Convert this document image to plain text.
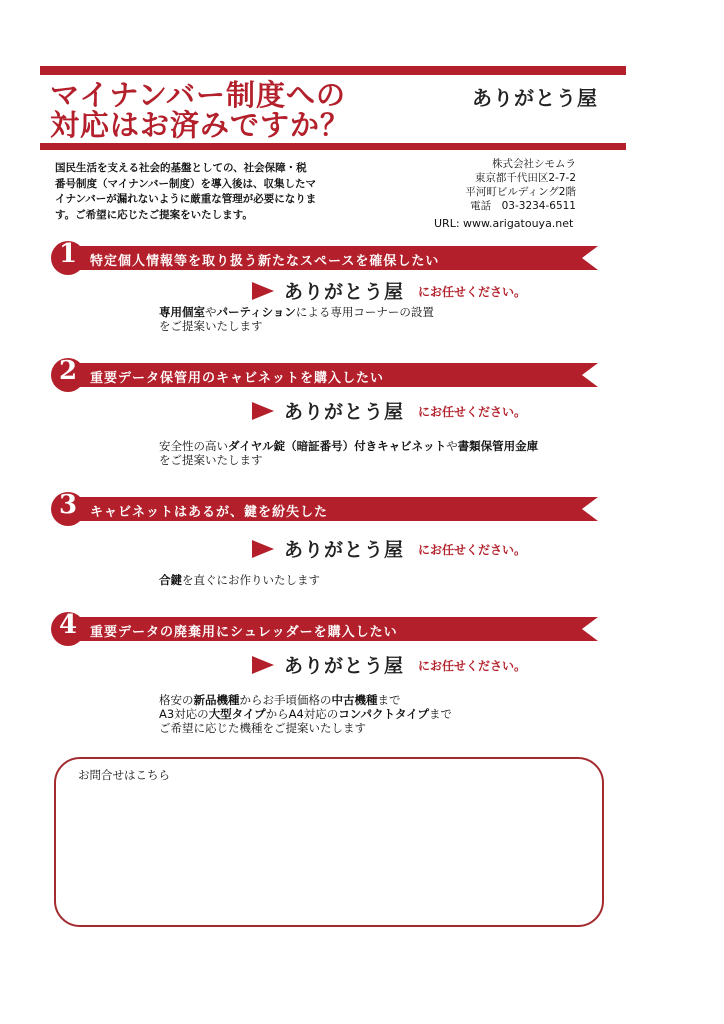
マイナンバー制度への
対応はお済みですか？
ありがとう屋
国民生活を支える社会的基盤としての、社会保障・税
番号制度（マイナンバー制度）を導入後は、収集したマ
イナンバーが漏れないように厳重な管理が必要になりま
す。ご希望に応じたご提案をいたします。
株式会社シモムラ
東京都千代田区2-7-2
平河町ビルディング2階
電話　03-3234-6511
URL: www.arigatouya.net
1 特定個人情報等を取り扱う新たなスペースを確保したい
ありがとう屋 にお任せください。
専用個室やパーティションによる専用コーナーの設置
をご提案いたします
2 重要データ保管用のキャビネットを購入したい
ありがとう屋 にお任せください。
安全性の高いダイヤル錠（暗証番号）付きキャビネットや書類保管用金庫
をご提案いたします
3 キャビネットはあるが、鍵を紛失した
ありがとう屋 にお任せください。
合鍵を直ぐにお作りいたします
4 重要データの廃棄用にシュレッダーを購入したい
ありがとう屋 にお任せください。
格安の新品機種からお手頃価格の中古機種まで
A3対応の大型タイプからA4対応のコンパクトタイプまで
ご希望に応じた機種をご提案いたします
お問合せはこちら
